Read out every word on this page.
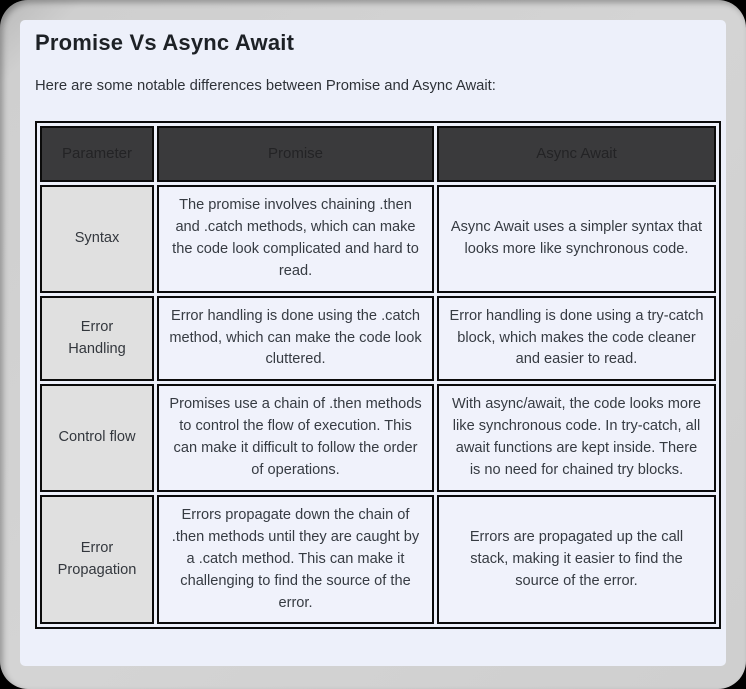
Promise Vs Async Await

Here are some notable differences between Promise and Async Await:

Parameter	Promise	Async Await
Syntax	The promise involves chaining .then and .catch methods, which can make the code look complicated and hard to read.	Async Await uses a simpler syntax that looks more like synchronous code.
Error Handling	Error handling is done using the .catch method, which can make the code look cluttered.	Error handling is done using a try-catch block, which makes the code cleaner and easier to read.
Control flow	Promises use a chain of .then methods to control the flow of execution. This can make it difficult to follow the order of operations.	With async/await, the code looks more like synchronous code. In try-catch, all await functions are kept inside. There is no need for chained try blocks.
Error Propagation	Errors propagate down the chain of .then methods until they are caught by a .catch method. This can make it challenging to find the source of the error.	Errors are propagated up the call stack, making it easier to find the source of the error.
